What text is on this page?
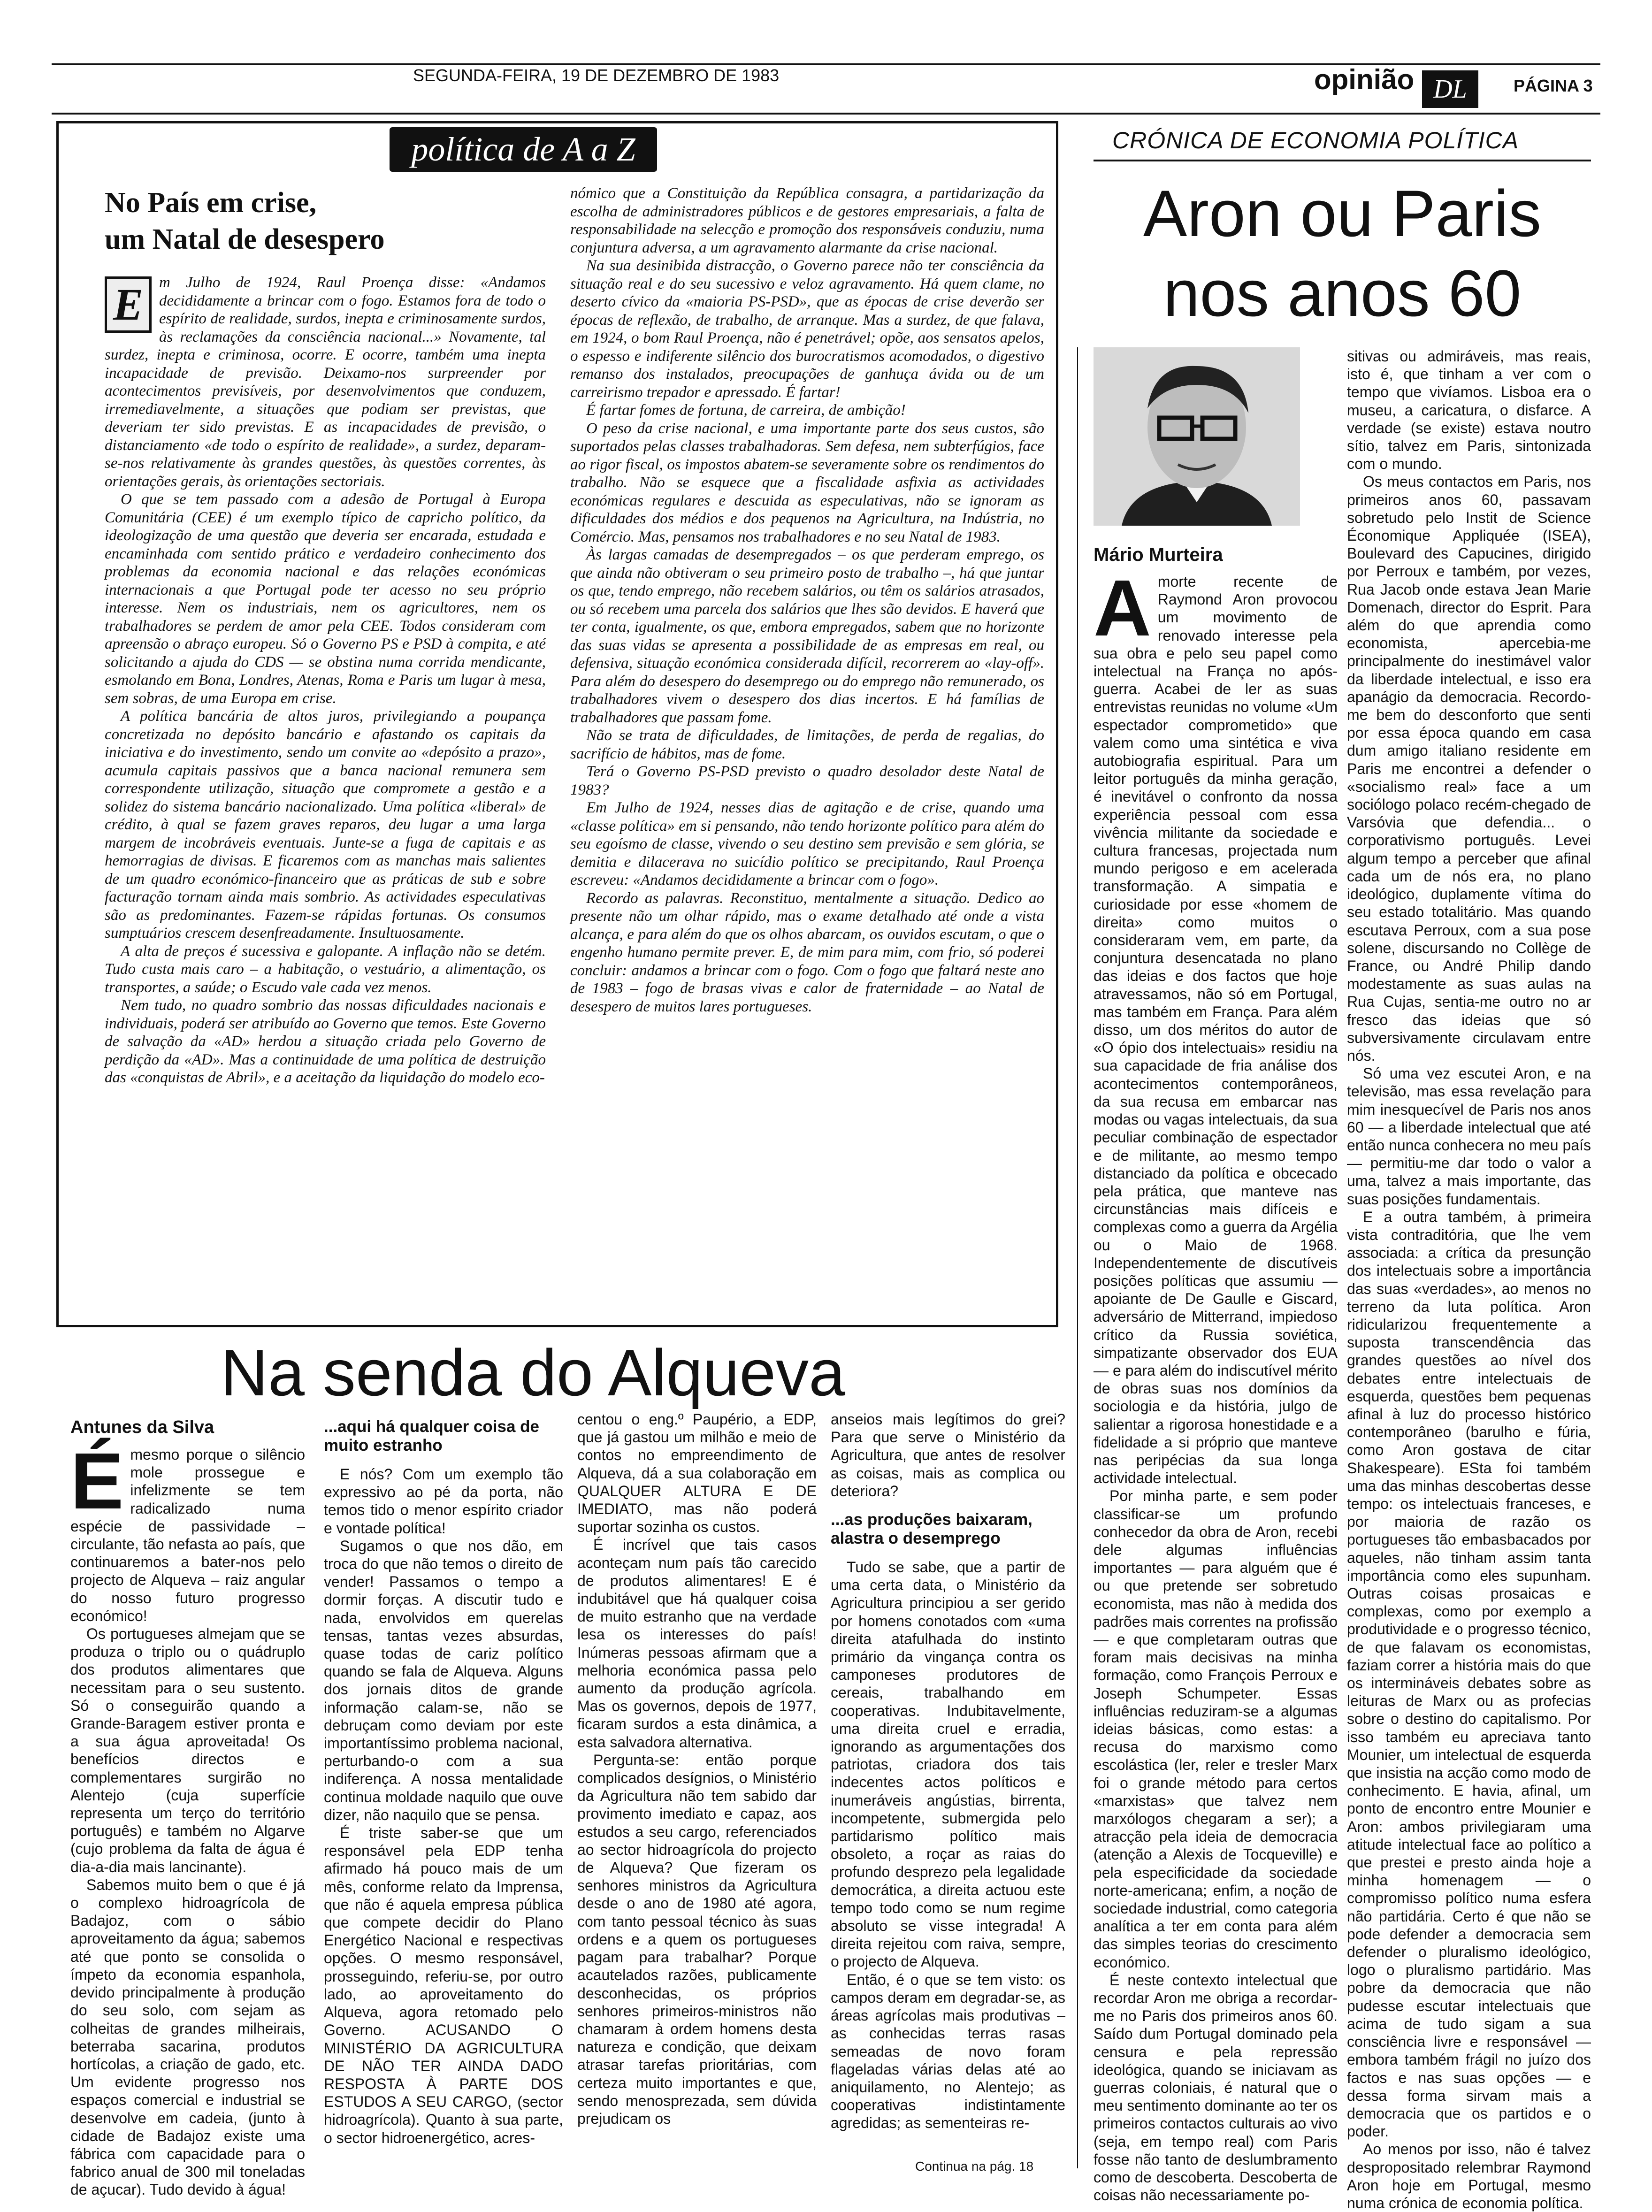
SEGUNDA-FEIRA, 19 DE DEZEMBRO DE 1983	opinião DL	PÁGINA 3
política de A a Z
No País em crise,
um Natal de desespero

E	m Julho de 1924, Raul Proença disse: «Andamos decididamente a brincar com o fogo. Estamos fora de todo o espírito de realidade, surdos, inepta e criminosamente surdos, às reclamações da consciência nacional...» Novamente, tal surdez, inepta e criminosa, ocorre. E ocorre, também uma inepta incapacidade de previsão. Deixamo-nos surpreender por acontecimentos previsíveis, por desenvolvimentos que conduzem, irremediavelmente, a situações que podiam ser previstas, que deveriam ter sido previstas. E as incapacidades de previsão, o distanciamento «de todo o espírito de realidade», a surdez, deparam-se-nos relativamente às grandes questões, às questões correntes, às orientações gerais, às orientações sectoriais.

O que se tem passado com a adesão de Portugal à Europa Comunitária (CEE) é um exemplo típico de capricho político, da ideologização de uma questão que deveria ser encarada, estudada e encaminhada com sentido prático e verdadeiro conhecimento dos problemas da economia nacional e das relações económicas internacionais a que Portugal pode ter acesso no seu próprio interesse. Nem os industriais, nem os agricultores, nem os trabalhadores se perdem de amor pela CEE. Todos consideram com apreensão o abraço europeu. Só o Governo PS e PSD à compita, e até solicitando a ajuda do CDS — se obstina numa corrida mendicante, esmolando em Bona, Londres, Atenas, Roma e Paris um lugar à mesa, sem sobras, de uma Europa em crise.

A política bancária de altos juros, privilegiando a poupança concretizada no depósito bancário e afastando os capitais da iniciativa e do investimento, sendo um convite ao «depósito a prazo», acumula capitais passivos que a banca nacional remunera sem correspondente utilização, situação que compromete a gestão e a solidez do sistema bancário nacionalizado. Uma política «liberal» de crédito, à qual se fazem graves reparos, deu lugar a uma larga margem de incobráveis eventuais. Junte-se a fuga de capitais e as hemorragias de divisas. E ficaremos com as manchas mais salientes de um quadro económico-financeiro que as práticas de sub e sobre facturação tornam ainda mais sombrio. As actividades especulativas são as predominantes. Fazem-se rápidas fortunas. Os consumos sumptuários crescem desenfreadamente. Insultuosamente.

A alta de preços é sucessiva e galopante. A inflação não se detém. Tudo custa mais caro – a habitação, o vestuário, a alimentação, os transportes, a saúde; o Escudo vale cada vez menos.

Nem tudo, no quadro sombrio das nossas dificuldades nacionais e individuais, poderá ser atribuído ao Governo que temos. Este Governo de salvação da «AD» herdou a situação criada pelo Governo de perdição da «AD». Mas a continuidade de uma política de destruição das «conquistas de Abril», e a aceitação da liquidação do modelo eco-

nómico que a Constituição da República consagra, a partidarização da escolha de administradores públicos e de gestores empresariais, a falta de responsabilidade na selecção e promoção dos responsáveis conduziu, numa conjuntura adversa, a um agravamento alarmante da crise nacional.

Na sua desinibida distracção, o Governo parece não ter consciência da situação real e do seu sucessivo e veloz agravamento. Há quem clame, no deserto cívico da «maioria PS-PSD», que as épocas de crise deverão ser épocas de reflexão, de trabalho, de arranque. Mas a surdez, de que falava, em 1924, o bom Raul Proença, não é penetrável; opõe, aos sensatos apelos, o espesso e indiferente silêncio dos burocratismos acomodados, o digestivo remanso dos instalados, preocupações de ganhuça ávida ou de um carreirismo trepador e apressado. É fartar!

É fartar fomes de fortuna, de carreira, de ambição!

O peso da crise nacional, e uma importante parte dos seus custos, são suportados pelas classes trabalhadoras. Sem defesa, nem subterfúgios, face ao rigor fiscal, os impostos abatem-se severamente sobre os rendimentos do trabalho. Não se esquece que a fiscalidade asfixia as actividades económicas regulares e descuida as especulativas, não se ignoram as dificuldades dos médios e dos pequenos na Agricultura, na Indústria, no Comércio. Mas, pensamos nos trabalhadores e no seu Natal de 1983.

Às largas camadas de desempregados – os que perderam emprego, os que ainda não obtiveram o seu primeiro posto de trabalho –, há que juntar os que, tendo emprego, não recebem salários, ou têm os salários atrasados, ou só recebem uma parcela dos salários que lhes são devidos. E haverá que ter conta, igualmente, os que, embora empregados, sabem que no horizonte das suas vidas se apresenta a possibilidade de as empresas em real, ou defensiva, situação económica considerada difícil, recorrerem ao «lay-off». Para além do desespero do desemprego ou do emprego não remunerado, os trabalhadores vivem o desespero dos dias incertos. E há famílias de trabalhadores que passam fome.

Não se trata de dificuldades, de limitações, de perda de regalias, do sacrifício de hábitos, mas de fome.

Terá o Governo PS-PSD previsto o quadro desolador deste Natal de 1983?

Em Julho de 1924, nesses dias de agitação e de crise, quando uma «classe política» em si pensando, não tendo horizonte político para além do seu egoísmo de classe, vivendo o seu destino sem previsão e sem glória, se demitia e dilacerava no suicídio político se precipitando, Raul Proença escreveu: «Andamos decididamente a brincar com o fogo».

Recordo as palavras. Reconstituo, mentalmente a situação. Dedico ao presente não um olhar rápido, mas o exame detalhado até onde a vista alcança, e para além do que os olhos abarcam, os ouvidos escutam, o que o engenho humano permite prever. E, de mim para mim, com frio, só poderei concluir: andamos a brincar com o fogo. Com o fogo que faltará neste ano de 1983 – fogo de brasas vivas e calor de fraternidade – ao Natal de desespero de muitos lares portugueses.

CRÓNICA DE ECONOMIA POLÍTICA
Aron ou Paris
nos anos 60
Mário Murteira

Amorte recente de Raymond Aron provocou um movimento de renovado interesse pela sua obra e pelo seu papel como intelectual na França no após-guerra. Acabei de ler as suas entrevistas reunidas no volume «Um espectador comprometido» que valem como uma sintética e viva autobiografia espiritual. Para um leitor português da minha geração, é inevitável o confronto da nossa experiência pessoal com essa vivência militante da sociedade e cultura francesas, projectada num mundo perigoso e em acelerada transformação. A simpatia e curiosidade por esse «homem de direita» como muitos o consideraram vem, em parte, da conjuntura desencatada no plano das ideias e dos factos que hoje atravessamos, não só em Portugal, mas também em França. Para além disso, um dos méritos do autor de «O ópio dos intelectuais» residiu na sua capacidade de fria análise dos acontecimentos contemporâneos, da sua recusa em embarcar nas modas ou vagas intelectuais, da sua peculiar combinação de espectador e de militante, ao mesmo tempo distanciado da política e obcecado pela prática, que manteve nas circunstâncias mais difíceis e complexas como a guerra da Argélia ou o Maio de 1968. Independentemente de discutíveis posições políticas que assumiu — apoiante de De Gaulle e Giscard, adversário de Mitterrand, impiedoso crítico da Russia soviética, simpatizante observador dos EUA — e para além do indiscutível mérito de obras suas nos domínios da sociologia e da história, julgo de salientar a rigorosa honestidade e a fidelidade a si próprio que manteve nas peripécias da sua longa actividade intelectual.

Por minha parte, e sem poder classificar-se um profundo conhecedor da obra de Aron, recebi dele algumas influências importantes — para alguém que é ou que pretende ser sobretudo economista, mas não à medida dos padrões mais correntes na profissão — e que completaram outras que foram mais decisivas na minha formação, como François Perroux e Joseph Schumpeter. Essas influências reduziram-se a algumas ideias básicas, como estas: a recusa do marxismo como escolástica (ler, reler e tresler Marx foi o grande método para certos «marxistas» que talvez nem marxólogos chegaram a ser); a atracção pela ideia de democracia (atenção a Alexis de Tocqueville) e pela especificidade da sociedade norte-americana; enfim, a noção de sociedade industrial, como categoria analítica a ter em conta para além das simples teorias do crescimento económico.

É neste contexto intelectual que recordar Aron me obriga a recordar-me no Paris dos primeiros anos 60. Saído dum Portugal dominado pela censura e pela repressão ideológica, quando se iniciavam as guerras coloniais, é natural que o meu sentimento dominante ao ter os primeiros contactos culturais ao vivo (seja, em tempo real) com Paris fosse não tanto de deslumbramento como de descoberta. Descoberta de coisas não necessariamente po-

sitivas ou admiráveis, mas reais, isto é, que tinham a ver com o tempo que vivíamos. Lisboa era o museu, a caricatura, o disfarce. A verdade (se existe) estava noutro sítio, talvez em Paris, sintonizada com o mundo.

Os meus contactos em Paris, nos primeiros anos 60, passavam sobretudo pelo Instit de Science Économique Appliquée (ISEA), Boulevard des Capucines, dirigido por Perroux e também, por vezes, Rua Jacob onde estava Jean Marie Domenach, director do Esprit. Para além do que aprendia como economista, apercebia-me principalmente do inestimável valor da liberdade intelectual, e isso era apanágio da democracia. Recordo-me bem do desconforto que senti por essa época quando em casa dum amigo italiano residente em Paris me encontrei a defender o «socialismo real» face a um sociólogo polaco recém-chegado de Varsóvia que defendia... o corporativismo português. Levei algum tempo a perceber que afinal cada um de nós era, no plano ideológico, duplamente vítima do seu estado totalitário. Mas quando escutava Perroux, com a sua pose solene, discursando no Collège de France, ou André Philip dando modestamente as suas aulas na Rua Cujas, sentia-me outro no ar fresco das ideias que só subversivamente circulavam entre nós.

Só uma vez escutei Aron, e na televisão, mas essa revelação para mim inesquecível de Paris nos anos 60 — a liberdade intelectual que até então nunca conhecera no meu país — permitiu-me dar todo o valor a uma, talvez a mais importante, das suas posições fundamentais.

E a outra também, à primeira vista contraditória, que lhe vem associada: a crítica da presunção dos intelectuais sobre a importância das suas «verdades», ao menos no terreno da luta política. Aron ridicularizou frequentemente a suposta transcendência das grandes questões ao nível dos debates entre intelectuais de esquerda, questões bem pequenas afinal à luz do processo histórico contemporâneo (barulho e fúria, como Aron gostava de citar Shakespeare). ESta foi também uma das minhas descobertas desse tempo: os intelectuais franceses, e por maioria de razão os portugueses tão embasbacados por aqueles, não tinham assim tanta importância como eles supunham. Outras coisas prosaicas e complexas, como por exemplo a produtividade e o progresso técnico, de que falavam os economistas, faziam correr a história mais do que os intermináveis debates sobre as leituras de Marx ou as profecias sobre o destino do capitalismo. Por isso também eu apreciava tanto Mounier, um intelectual de esquerda que insistia na acção como modo de conhecimento. E havia, afinal, um ponto de encontro entre Mounier e Aron: ambos privilegiaram uma atitude intelectual face ao político a que prestei e presto ainda hoje a minha homenagem — o compromisso político numa esfera não partidária. Certo é que não se pode defender a democracia sem defender o pluralismo ideológico, logo o pluralismo partidário. Mas pobre da democracia que não pudesse escutar intelectuais que acima de tudo sigam a sua consciência livre e responsável — embora também frágil no juízo dos factos e nas suas opções — e dessa forma sirvam mais a democracia que os partidos e o poder.

Ao menos por isso, não é talvez despropositado relembrar Raymond Aron hoje em Portugal, mesmo numa crónica de economia política.

Na senda do Alqueva
Antunes da Silva

Émesmo porque o silêncio mole prossegue e infelizmente se tem radicalizado numa espécie de passividade – circulante, tão nefasta ao país, que continuaremos a bater-nos pelo projecto de Alqueva – raiz angular do nosso futuro progresso económico!

Os portugueses almejam que se produza o triplo ou o quádruplo dos produtos alimentares que necessitam para o seu sustento. Só o conseguirão quando a Grande-Baragem estiver pronta e a sua água aproveitada! Os benefícios directos e complementares surgirão no Alentejo (cuja superfície representa um terço do território português) e também no Algarve (cujo problema da falta de água é dia-a-dia mais lancinante).

Sabemos muito bem o que é já o complexo hidroagrícola de Badajoz, com o sábio aproveitamento da água; sabemos até que ponto se consolida o ímpeto da economia espanhola, devido principalmente à produção do seu solo, com sejam as colheitas de grandes milheirais, beterraba sacarina, produtos hortícolas, a criação de gado, etc. Um evidente progresso nos espaços comercial e industrial se desenvolve em cadeia, (junto à cidade de Badajoz existe uma fábrica com capacidade para o fabrico anual de 300 mil toneladas de açucar). Tudo devido à água!

...aqui há qualquer coisa de muito estranho

E nós? Com um exemplo tão expressivo ao pé da porta, não temos tido o menor espírito criador e vontade política!

Sugamos o que nos dão, em troca do que não temos o direito de vender! Passamos o tempo a dormir forças. A discutir tudo e nada, envolvidos em querelas tensas, tantas vezes absurdas, quase todas de cariz político quando se fala de Alqueva. Alguns dos jornais ditos de grande informação calam-se, não se debruçam como deviam por este importantíssimo problema nacional, perturbando-o com a sua indiferença. A nossa mentalidade continua moldade naquilo que ouve dizer, não naquilo que se pensa.

É triste saber-se que um responsável pela EDP tenha afirmado há pouco mais de um mês, conforme relato da Imprensa, que não é aquela empresa pública que compete decidir do Plano Energético Nacional e respectivas opções. O mesmo responsável, prosseguindo, referiu-se, por outro lado, ao aproveitamento do Alqueva, agora retomado pelo Governo. ACUSANDO O MINISTÉRIO DA AGRICULTURA DE NÃO TER AINDA DADO RESPOSTA À PARTE DOS ESTUDOS A SEU CARGO, (sector hidroagrícola). Quanto à sua parte, o sector hidroenergético, acres-

centou o eng.º Paupério, a EDP, que já gastou um milhão e meio de contos no empreendimento de Alqueva, dá a sua colaboração em QUALQUER ALTURA E DE IMEDIATO, mas não poderá suportar sozinha os custos.

É incrível que tais casos aconteçam num país tão carecido de produtos alimentares! E é indubitável que há qualquer coisa de muito estranho que na verdade lesa os interesses do país! Inúmeras pessoas afirmam que a melhoria económica passa pelo aumento da produção agrícola. Mas os governos, depois de 1977, ficaram surdos a esta dinâmica, a esta salvadora alternativa.

Pergunta-se: então porque complicados desígnios, o Ministério da Agricultura não tem sabido dar provimento imediato e capaz, aos estudos a seu cargo, referenciados ao sector hidroagrícola do projecto de Alqueva? Que fizeram os senhores ministros da Agricultura desde o ano de 1980 até agora, com tanto pessoal técnico às suas ordens e a quem os portugueses pagam para trabalhar? Porque acautelados razões, publicamente desconhecidas, os próprios senhores primeiros-ministros não chamaram à ordem homens desta natureza e condição, que deixam atrasar tarefas prioritárias, com certeza muito importantes e que, sendo menosprezada, sem dúvida prejudicam os

anseios mais legítimos do grei? Para que serve o Ministério da Agricultura, que antes de resolver as coisas, mais as complica ou deteriora?

...as produções baixaram, alastra o desemprego

Tudo se sabe, que a partir de uma certa data, o Ministério da Agricultura principiou a ser gerido por homens conotados com «uma direita atafulhada do instinto primário da vingança contra os camponeses produtores de cereais, trabalhando em cooperativas. Indubitavelmente, uma direita cruel e erradia, ignorando as argumentações dos patriotas, criadora dos tais indecentes actos políticos e inumeráveis angústias, birrenta, incompetente, submergida pelo partidarismo político mais obsoleto, a roçar as raias do profundo desprezo pela legalidade democrática, a direita actuou este tempo todo como se num regime absoluto se visse integrada! A direita rejeitou com raiva, sempre, o projecto de Alqueva.

Então, é o que se tem visto: os campos deram em degradar-se, as áreas agrícolas mais produtivas – as conhecidas terras rasas semeadas de novo foram flageladas várias delas até ao aniquilamento, no Alentejo; as cooperativas indistintamente agredidas; as sementeiras re-

Continua na pág. 18
